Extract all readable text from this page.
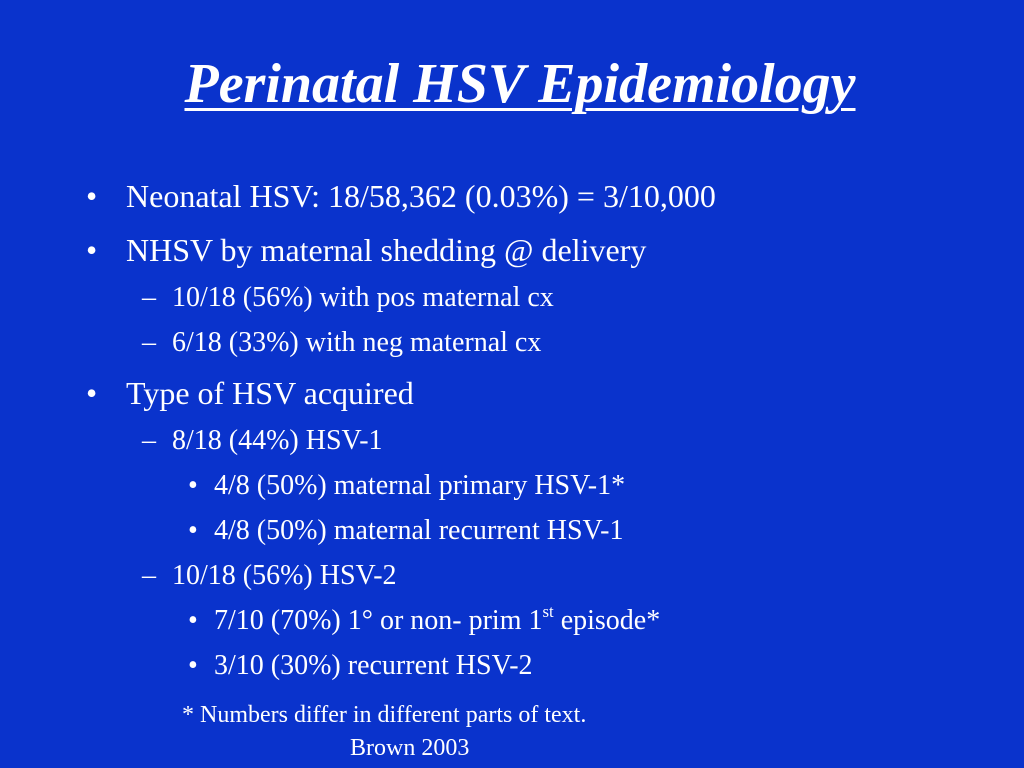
Perinatal HSV Epidemiology
• Neonatal HSV: 18/58,362 (0.03%) = 3/10,000
• NHSV by maternal shedding @ delivery
– 10/18 (56%) with pos maternal cx
– 6/18 (33%) with neg maternal cx
• Type of HSV acquired
– 8/18 (44%) HSV-1
• 4/8 (50%) maternal primary HSV-1*
• 4/8 (50%) maternal recurrent HSV-1
– 10/18 (56%) HSV-2
• 7/10 (70%) 1° or non- prim 1st episode*
• 3/10 (30%) recurrent HSV-2
* Numbers differ in different parts of text.
Brown 2003
